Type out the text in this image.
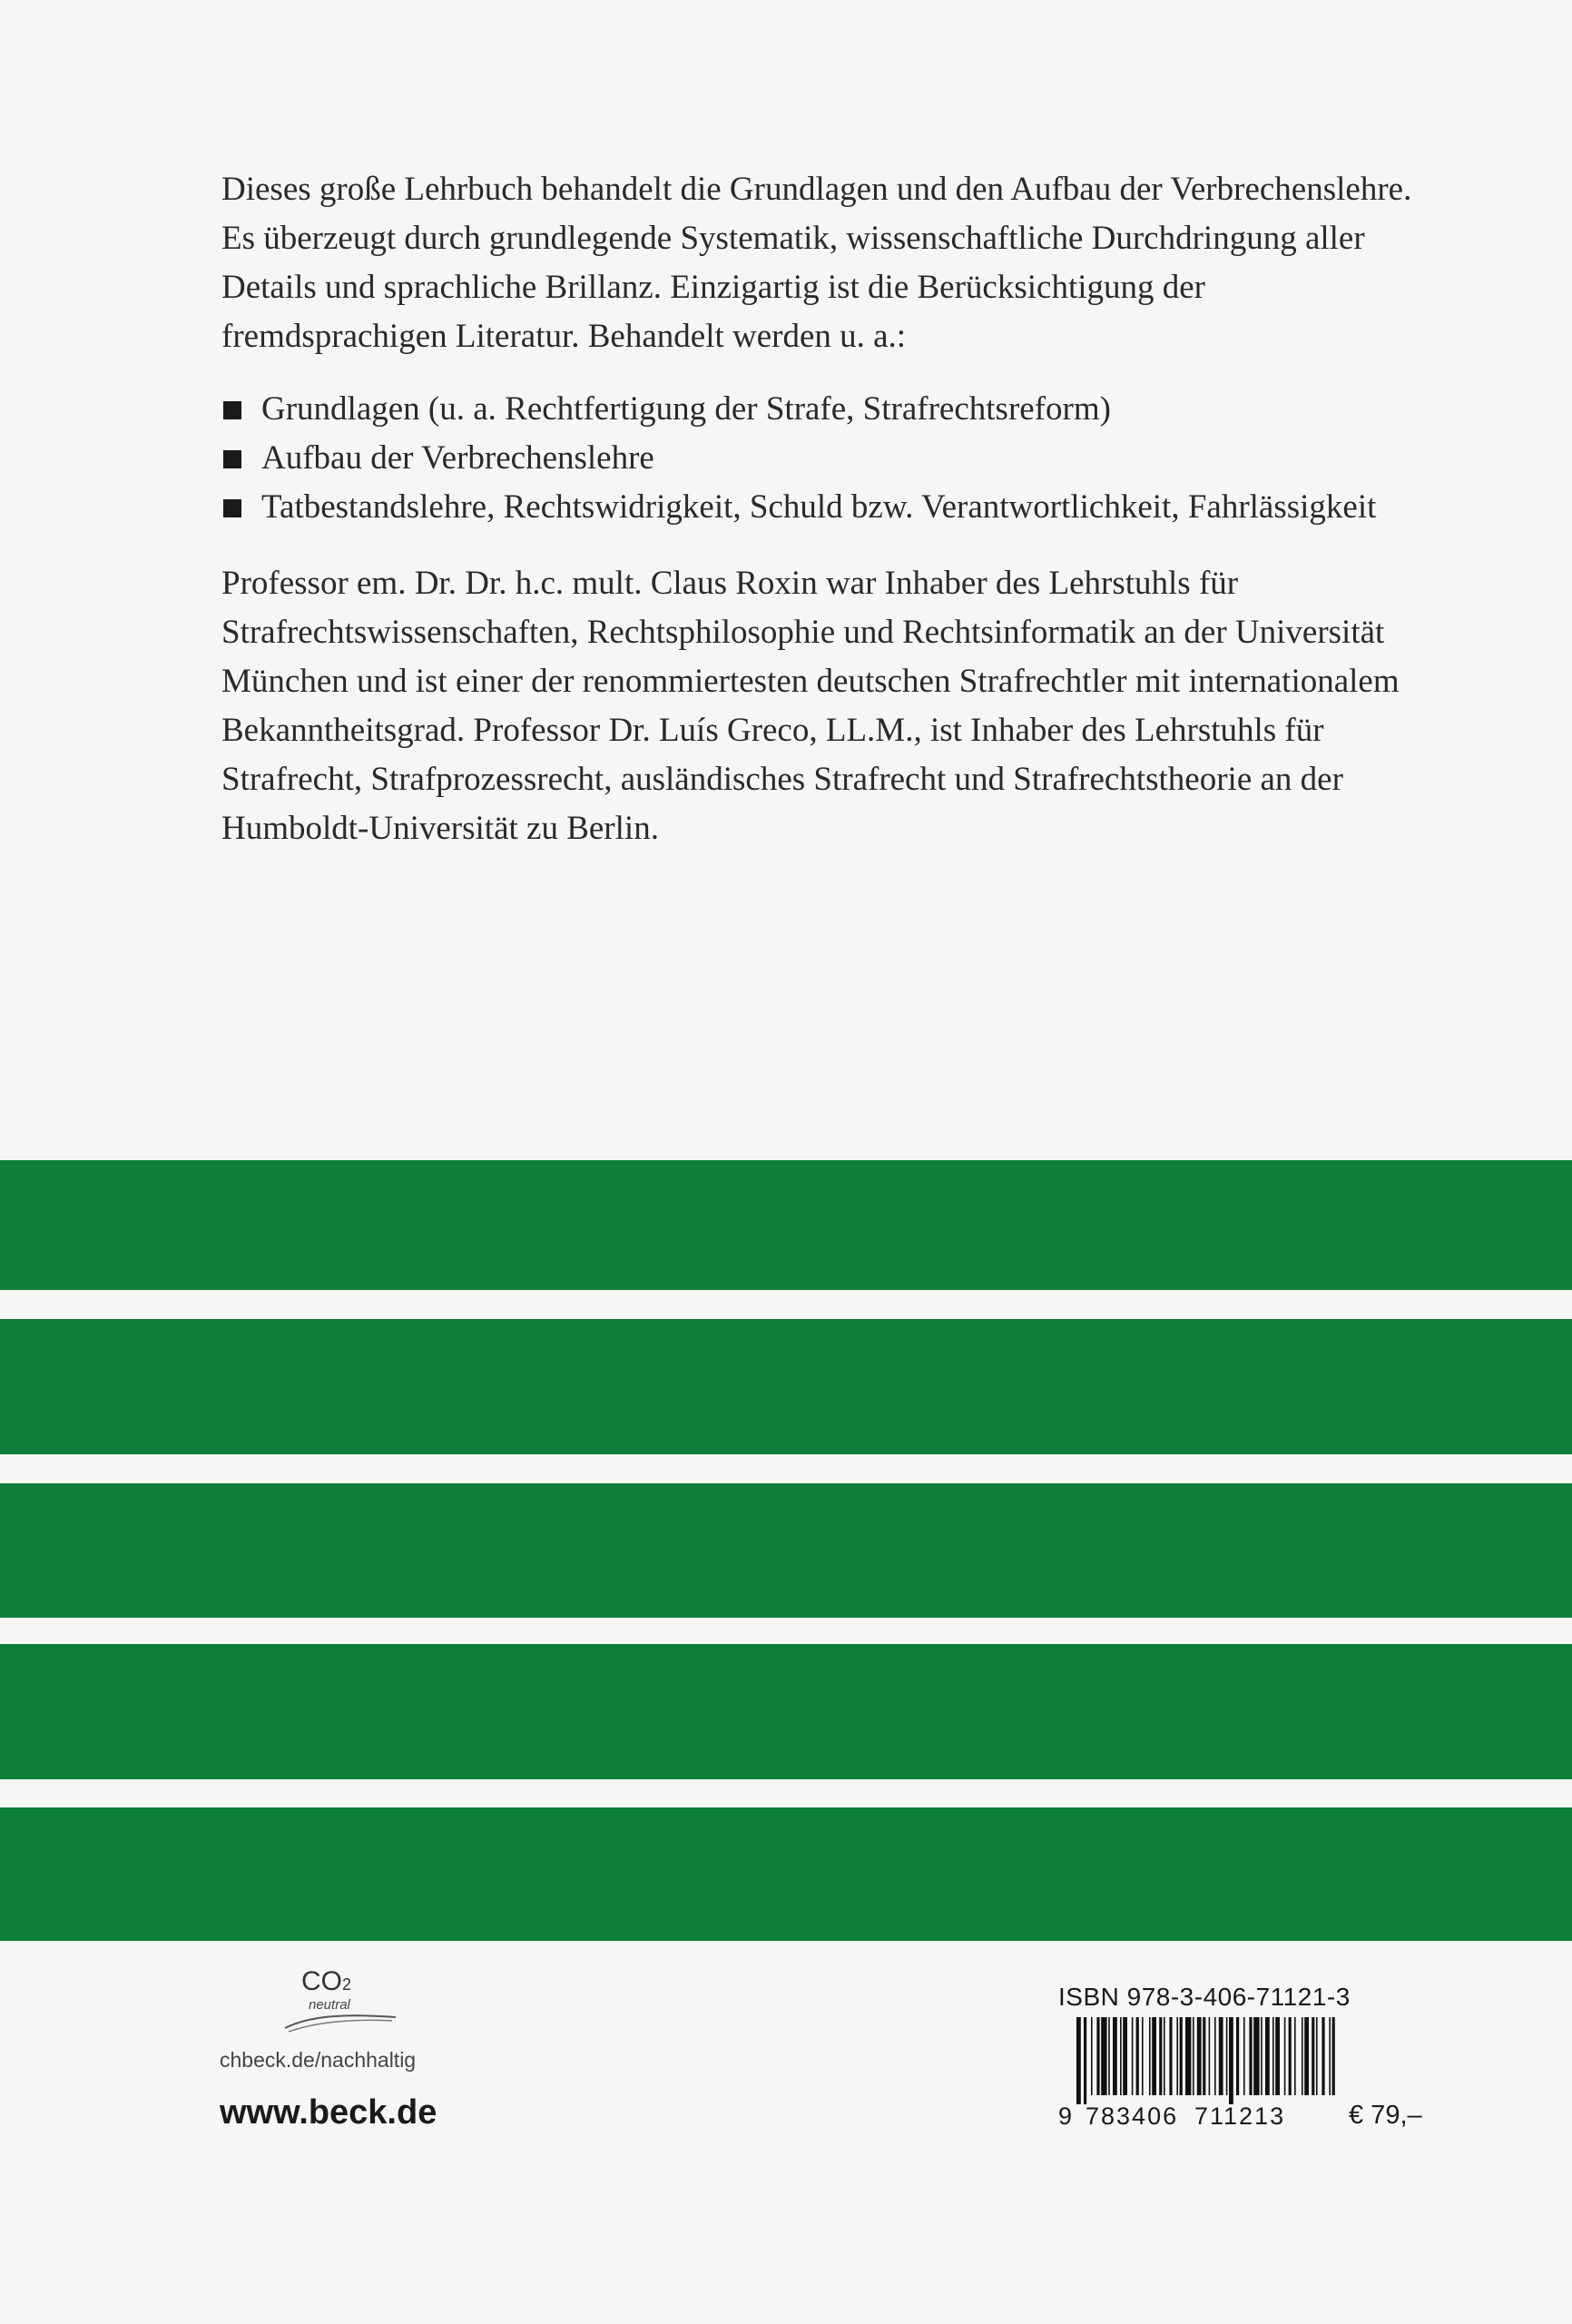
Dieses große Lehrbuch behandelt die Grundlagen und den Aufbau der Verbrechenslehre. Es überzeugt durch grundlegende Systematik, wissenschaftliche Durchdringung aller Details und sprachliche Brillanz. Einzigartig ist die Berücksichtigung der fremdsprachigen Literatur. Behandelt werden u. a.:

Grundlagen (u. a. Rechtfertigung der Strafe, Strafrechtsreform)
Aufbau der Verbrechenslehre
Tatbestandslehre, Rechtswidrigkeit, Schuld bzw. Verantwortlichkeit, Fahrlässigkeit

Professor em. Dr. Dr. h.c. mult. Claus Roxin war Inhaber des Lehrstuhls für Strafrechtswissenschaften, Rechtsphilosophie und Rechtsinformatik an der Universität München und ist einer der renommiertesten deutschen Strafrechtler mit internationalem Bekanntheitsgrad. Professor Dr. Luís Greco, LL.M., ist Inhaber des Lehrstuhls für Strafrecht, Strafprozessrecht, ausländisches Strafrecht und Strafrechtstheorie an der Humboldt-Universität zu Berlin.

CO2
neutral
chbeck.de/nachhaltig
www.beck.de
ISBN 978-3-406-71121-3
9 783406 711213 € 79,–
